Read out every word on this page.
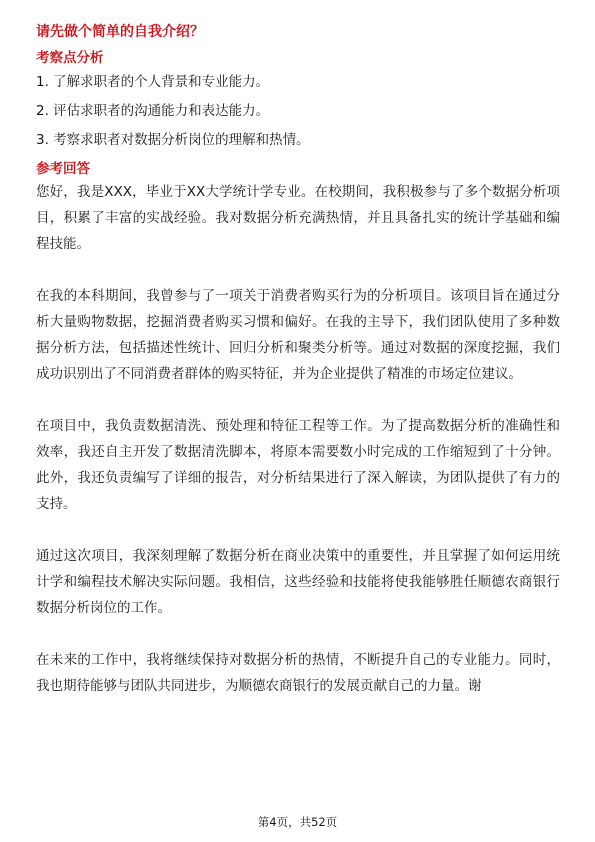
请先做个简单的自我介绍？
考察点分析
1. 了解求职者的个人背景和专业能力。
2. 评估求职者的沟通能力和表达能力。
3. 考察求职者对数据分析岗位的理解和热情。
参考回答

您好，我是XXX，毕业于XX大学统计学专业。在校期间，我积极参与了多个数据分析项目，积累了丰富的实战经验。我对数据分析充满热情，并且具备扎实的统计学基础和编程技能。

在我的本科期间，我曾参与了一项关于消费者购买行为的分析项目。该项目旨在通过分析大量购物数据，挖掘消费者购买习惯和偏好。在我的主导下，我们团队使用了多种数据分析方法，包括描述性统计、回归分析和聚类分析等。通过对数据的深度挖掘，我们成功识别出了不同消费者群体的购买特征，并为企业提供了精准的市场定位建议。

在项目中，我负责数据清洗、预处理和特征工程等工作。为了提高数据分析的准确性和效率，我还自主开发了数据清洗脚本，将原本需要数小时完成的工作缩短到了十分钟。此外，我还负责编写了详细的报告，对分析结果进行了深入解读，为团队提供了有力的支持。

通过这次项目，我深刻理解了数据分析在商业决策中的重要性，并且掌握了如何运用统计学和编程技术解决实际问题。我相信，这些经验和技能将使我能够胜任顺德农商银行数据分析岗位的工作。

在未来的工作中，我将继续保持对数据分析的热情，不断提升自己的专业能力。同时，我也期待能够与团队共同进步，为顺德农商银行的发展贡献自己的力量。谢

第4页，共52页
